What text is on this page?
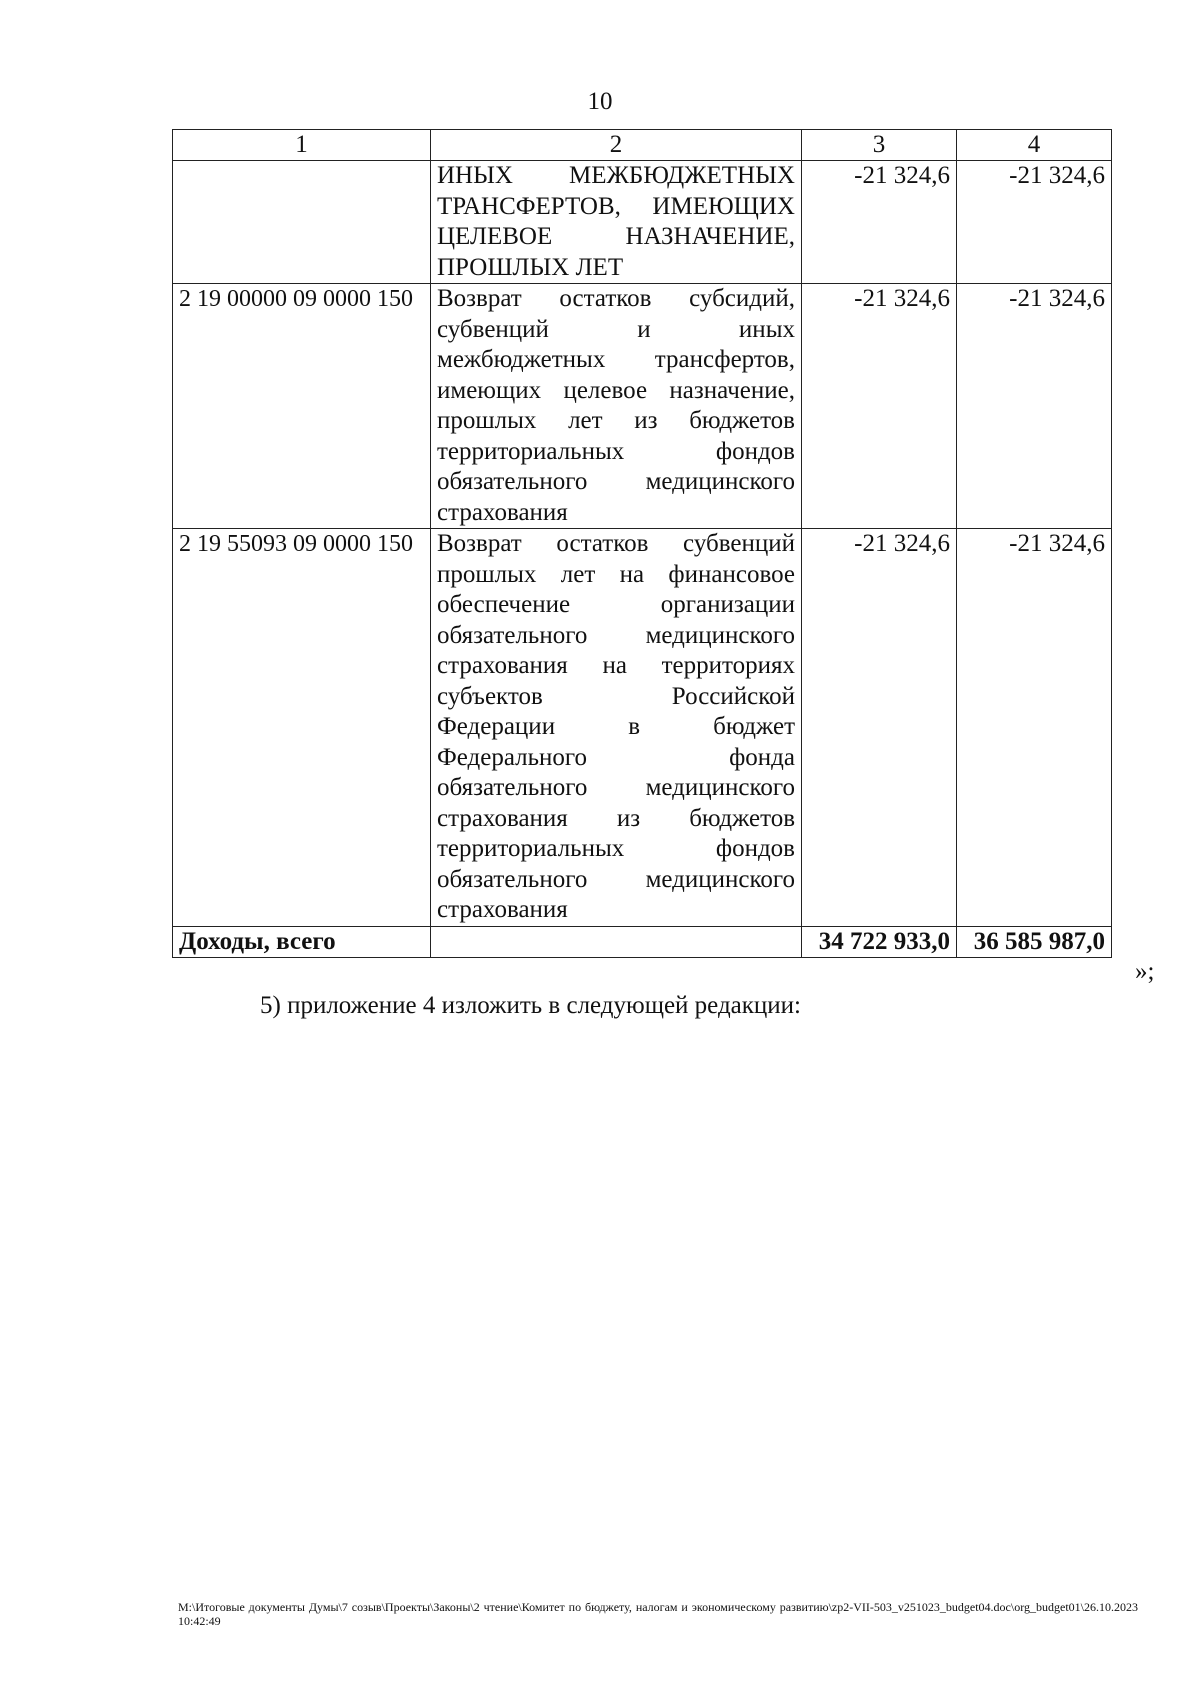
10
1	2	3	4
	ИНЫХ МЕЖБЮДЖЕТНЫХ ТРАНСФЕРТОВ, ИМЕЮЩИХ ЦЕЛЕВОЕ НАЗНАЧЕНИЕ, ПРОШЛЫХ ЛЕТ	-21 324,6	-21 324,6
2 19 00000 09 0000 150	Возврат остатков субсидий, субвенций и иных межбюджетных трансфертов, имеющих целевое назначение, прошлых лет из бюджетов территориальных фондов обязательного медицинского страхования	-21 324,6	-21 324,6
2 19 55093 09 0000 150	Возврат остатков субвенций прошлых лет на финансовое обеспечение организации обязательного медицинского страхования на территориях субъектов Российской Федерации в бюджет Федерального фонда обязательного медицинского страхования из бюджетов территориальных фондов обязательного медицинского страхования	-21 324,6	-21 324,6
Доходы, всего		34 722 933,0	36 585 987,0
»;
5) приложение 4 изложить в следующей редакции:
M:\Итоговые документы Думы\7 созыв\Проекты\Законы\2 чтение\Комитет по бюджету, налогам и экономическому развитию\zp2-VII-503_v251023_budget04.doc\org_budget01\26.10.2023 10:42:49
